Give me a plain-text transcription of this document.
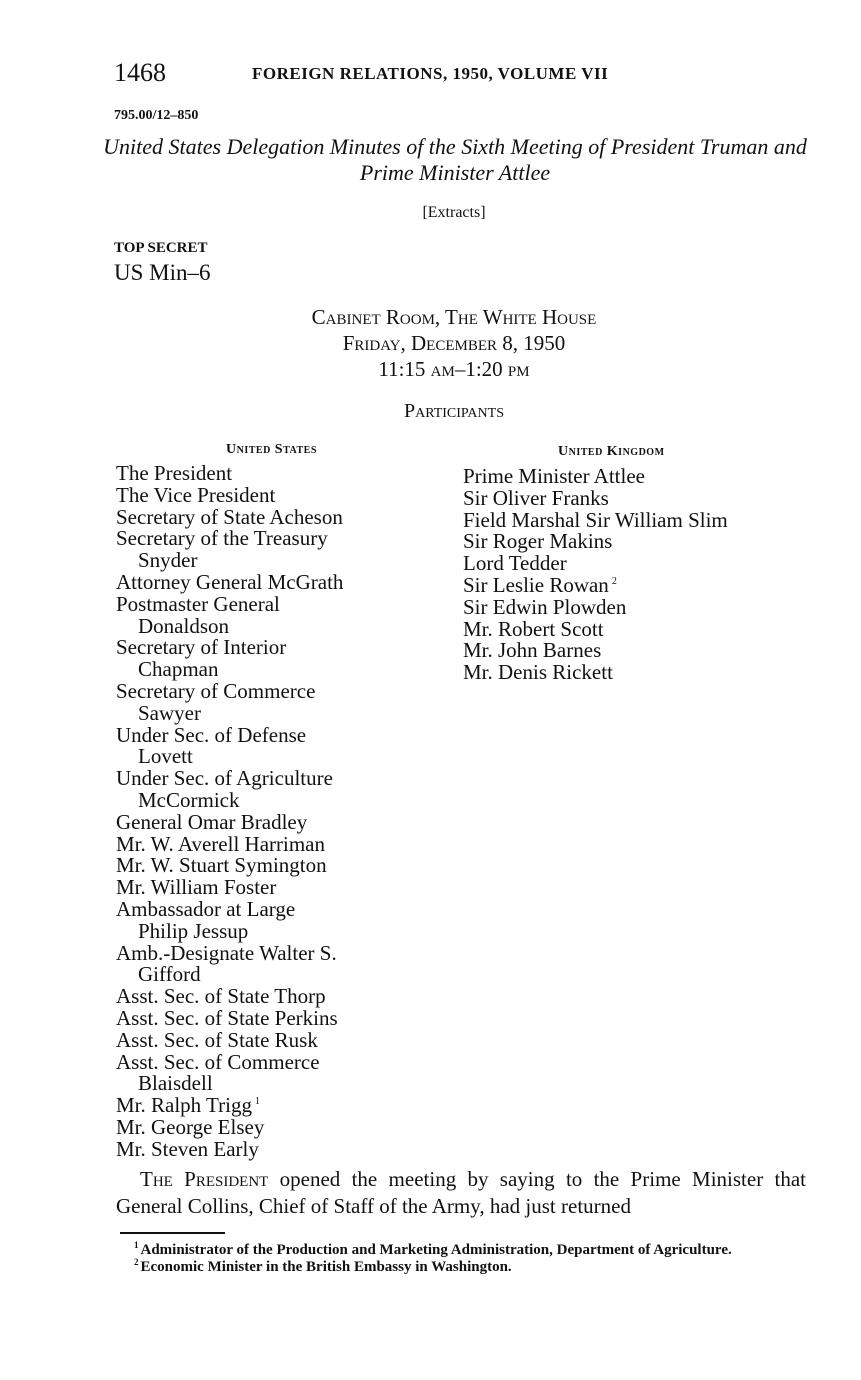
1468	FOREIGN RELATIONS, 1950, VOLUME VII
795.00/12–850
United States Delegation Minutes of the Sixth Meeting of President Truman and Prime Minister Attlee
[Extracts]
TOP SECRET
US Min–6
Cabinet Room, The White House
Friday, December 8, 1950
11:15 am–1:20 pm
Participants
United States	United Kingdom
The President
The Vice President
Secretary of State Acheson
Secretary of the Treasury
Snyder
Attorney General McGrath
Postmaster General
Donaldson
Secretary of Interior
Chapman
Secretary of Commerce
Sawyer
Under Sec. of Defense
Lovett
Under Sec. of Agriculture
McCormick
General Omar Bradley
Mr. W. Averell Harriman
Mr. W. Stuart Symington
Mr. William Foster
Ambassador at Large
Philip Jessup
Amb.-Designate Walter S.
Gifford
Asst. Sec. of State Thorp
Asst. Sec. of State Perkins
Asst. Sec. of State Rusk
Asst. Sec. of Commerce
Blaisdell
Mr. Ralph Trigg $^1$
Mr. George Elsey
Mr. Steven Early
Prime Minister Attlee
Sir Oliver Franks
Field Marshal Sir William Slim
Sir Roger Makins
Lord Tedder
Sir Leslie Rowan $^2$
Sir Edwin Plowden
Mr. Robert Scott
Mr. John Barnes
Mr. Denis Rickett
The President opened the meeting by saying to the Prime Minister that General Collins, Chief of Staff of the Army, had just returned

$^1$ Administrator of the Production and Marketing Administration, Department of Agriculture.

$^2$ Economic Minister in the British Embassy in Washington.
